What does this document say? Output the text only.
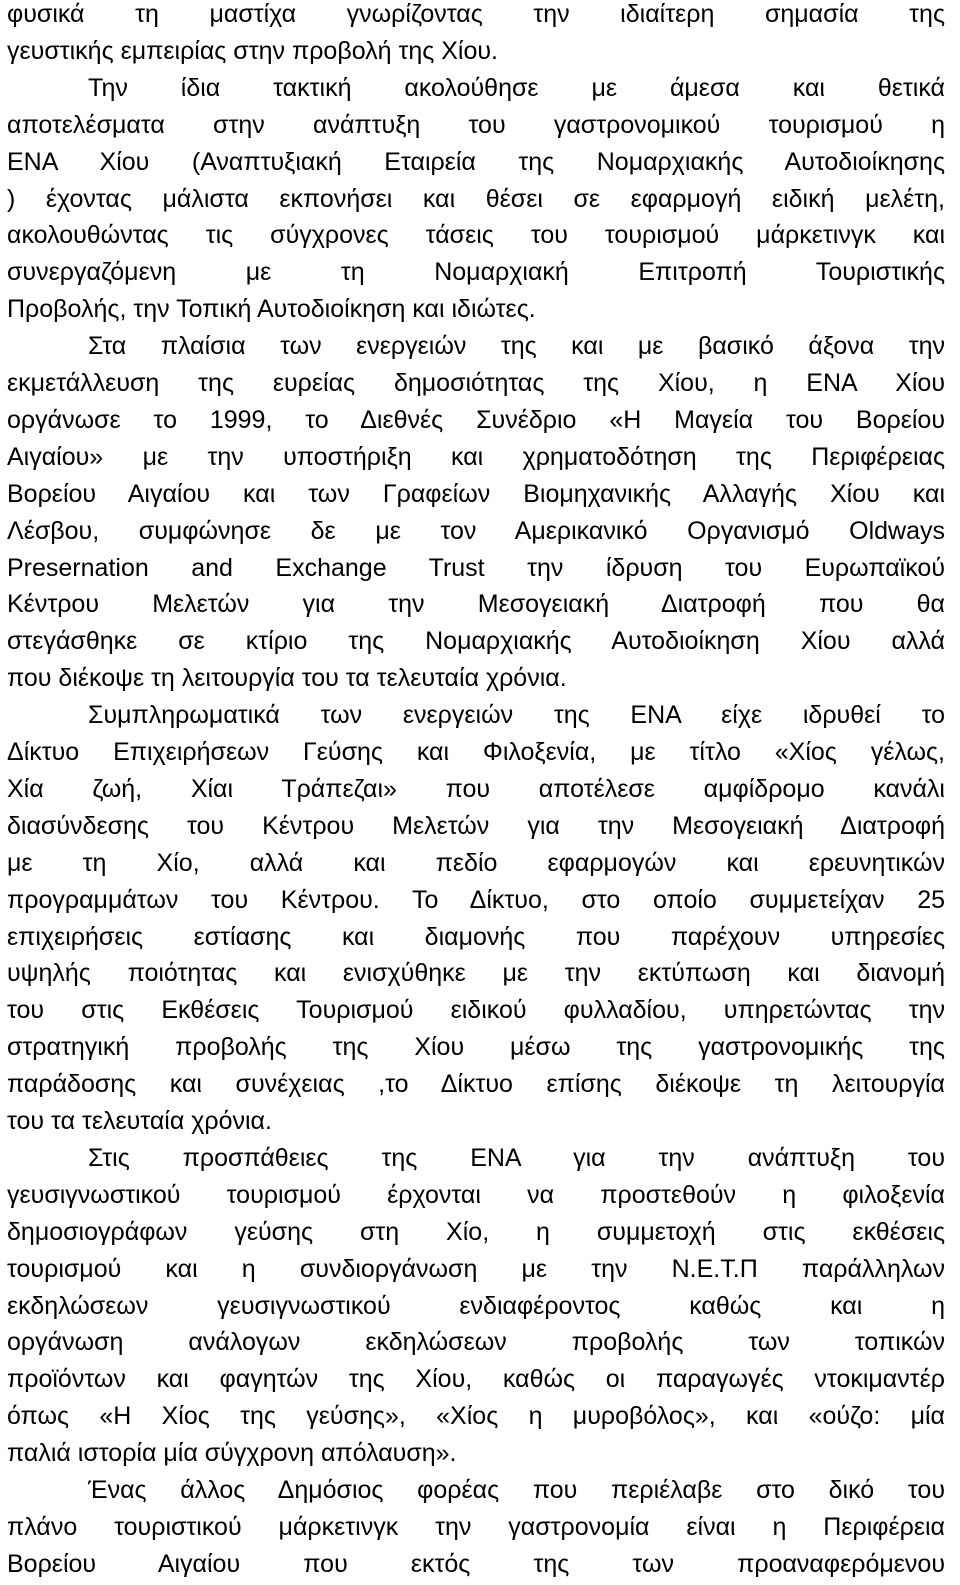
φυσικά τη μαστίχα γνωρίζοντας την ιδιαίτερη σημασία της

γευστικής εμπειρίας στην προβολή της Χίου.

Την ίδια τακτική ακολούθησε με άμεσα και θετικά

αποτελέσματα στην ανάπτυξη του γαστρονομικού τουρισμού η

ΕΝΑ Χίου (Αναπτυξιακή Εταιρεία της Νομαρχιακής Αυτοδιοίκησης

) έχοντας μάλιστα εκπονήσει και θέσει σε εφαρμογή ειδική μελέτη,

ακολουθώντας τις σύγχρονες τάσεις του τουρισμού μάρκετινγκ και

συνεργαζόμενη με τη Νομαρχιακή Επιτροπή Τουριστικής

Προβολής, την Τοπική Αυτοδιοίκηση και ιδιώτες.

Στα πλαίσια των ενεργειών της και με βασικό άξονα την

εκμετάλλευση της ευρείας δημοσιότητας της Χίου, η ΕΝΑ Χίου

οργάνωσε το 1999, το Διεθνές Συνέδριο «Η Μαγεία του Βορείου

Αιγαίου» με την υποστήριξη και χρηματοδότηση της Περιφέρειας

Βορείου Αιγαίου και των Γραφείων Βιομηχανικής Αλλαγής Χίου και

Λέσβου, συμφώνησε δε με τον Αμερικανικό Οργανισμό Oldways

Presernation and Exchange Trust την ίδρυση του Ευρωπαϊκού

Κέντρου Μελετών για την Μεσογειακή Διατροφή που θα

στεγάσθηκε σε κτίριο της Νομαρχιακής Αυτοδιοίκηση Χίου αλλά

που διέκοψε τη λειτουργία του τα τελευταία χρόνια.

Συμπληρωματικά των ενεργειών της ΕΝΑ είχε ιδρυθεί το

Δίκτυο Επιχειρήσεων Γεύσης και Φιλοξενία, με τίτλο «Χίος γέλως,

Χία ζωή, Χίαι Τράπεζαι» που αποτέλεσε αμφίδρομο κανάλι

διασύνδεσης του Κέντρου Μελετών για την Μεσογειακή Διατροφή

με τη Χίο, αλλά και πεδίο εφαρμογών και ερευνητικών

προγραμμάτων του Κέντρου. Το Δίκτυο, στο οποίο συμμετείχαν 25

επιχειρήσεις εστίασης και διαμονής που παρέχουν υπηρεσίες

υψηλής ποιότητας και ενισχύθηκε με την εκτύπωση και διανομή

του στις Εκθέσεις Τουρισμού ειδικού φυλλαδίου, υπηρετώντας την

στρατηγική προβολής της Χίου μέσω της γαστρονομικής της

παράδοσης και συνέχειας ,το Δίκτυο επίσης διέκοψε τη λειτουργία

του τα τελευταία χρόνια.

Στις προσπάθειες της ΕΝΑ για την ανάπτυξη του

γευσιγνωστικού τουρισμού έρχονται να προστεθούν η φιλοξενία

δημοσιογράφων γεύσης στη Χίο, η συμμετοχή στις εκθέσεις

τουρισμού και η συνδιοργάνωση με την Ν.Ε.Τ.Π παράλληλων

εκδηλώσεων γευσιγνωστικού ενδιαφέροντος καθώς και η

οργάνωση ανάλογων εκδηλώσεων προβολής των τοπικών

προϊόντων και φαγητών της Χίου, καθώς οι παραγωγές ντοκιμαντέρ

όπως «Η Χίος της γεύσης», «Χίος η μυροβόλος», και «ούζο: μία

παλιά ιστορία μία σύγχρονη απόλαυση».

Ένας άλλος Δημόσιος φορέας που περιέλαβε στο δικό του

πλάνο τουριστικού μάρκετινγκ την γαστρονομία είναι η Περιφέρεια

Βορείου Αιγαίου που εκτός της των προαναφερόμενου
